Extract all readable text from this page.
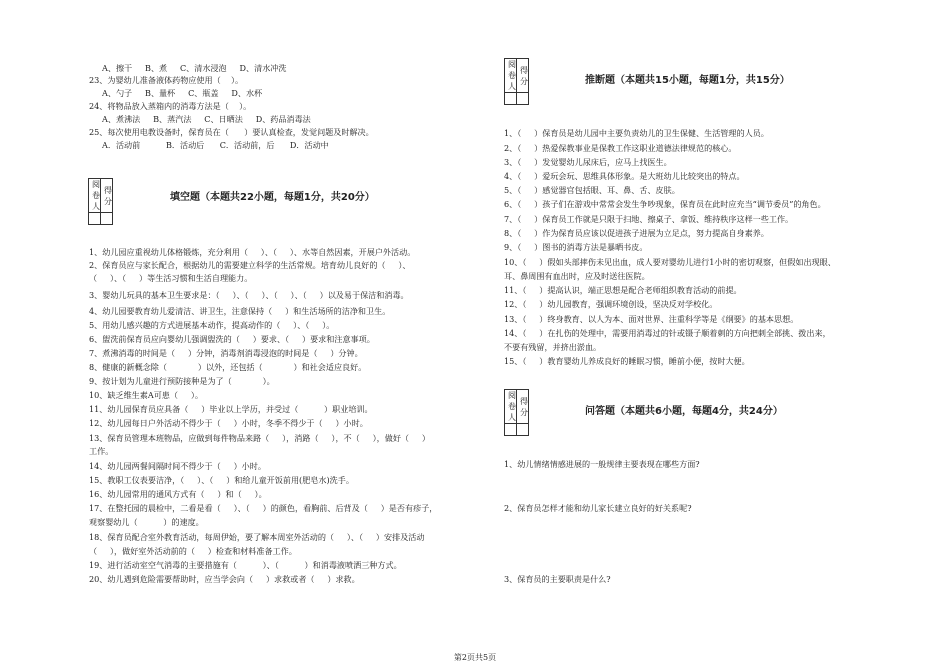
A、擦干     B、煮     C、清水浸泡     D、清水冲洗
23、为婴幼儿准备液体药物应使用（    ）。
A、勺子     B、量杯     C、瓶盖     D、水杯
24、将物品放入蒸箱内的消毒方法是（    ）。
A、煮沸法     B、蒸汽法     C、日晒法     D、药品消毒法
25、每次使用电教设备时，保育员在（      ）要认真检查，发觉问题及时解决。
A．活动前          B．活动后      C．活动前，后      D．活动中
阅卷人	得分
		填空题（本题共22小题，每题1分，共20分）
1、幼儿园应重视幼儿体格锻炼，充分利用（     ）、（     ）、水等自然因素，开展户外活动。
2、保育员应与家长配合，根据幼儿的需要建立科学的生活常规。培育幼儿良好的（     ）、
（     ）、（     ）等生活习惯和生活自理能力。
3、婴幼儿玩具的基本卫生要求是：（     ）、（     ）、（     ）、（     ）以及易于保洁和消毒。
4、幼儿园要教育幼儿爱清洁、讲卫生，注意保持（     ）和生活场所的洁净和卫生。
5、用幼儿感兴趣的方式进展基本动作，提高动作的（     ）、（     ）。
6、盥洗前保育员应向婴幼儿强调盥洗的（     ）要求、（     ）要求和注意事项。
7、煮沸消毒的时间是（     ）分钟，消毒剂消毒浸泡的时间是（     ）分钟。
8、健康的新概念除（            ）以外，还包括（            ）和社会适应良好。
9、按计划为儿童进行预防接种是为了（            ）。
10、缺乏维生素A可患（     ）。
11、幼儿园保育员应具备（     ）毕业以上学历，并受过（          ）职业培训。
12、幼儿园每日户外活动不得少于（     ）小时，冬季不得少于（     ）小时。
13、保育员管理本班物品，应做到每件物品来路（     ），消路（     ），不（     ），做好（     ）
工作。
14、幼儿园两餐间隔时间不得少于（     ）小时。
15、教职工仪表要洁净，（     ）、（     ）和给儿童开饭前用(肥皂水)洗手。
16、幼儿园常用的通风方式有（     ）和（     ）。
17、在整托园的晨检中，二看是看（     ）、（     ）的颜色，看胸前、后背及（     ）是否有疹子，
观察婴幼儿（          ）的速度。
18、保育员配合室外教育活动，每周伊始，要了解本周室外活动的（     ）、（     ）安排及活动
（     ），做好室外活动前的（     ）检查和材料准备工作。
19、进行活动室空气消毒的主要措施有（          ）、（          ）和消毒液喷洒三种方式。
20、幼儿遇到危险需要帮助时，应当学会向（     ）求救或者（     ）求救。
阅卷人	得分
		推断题（本题共15小题，每题1分，共15分）
1、（     ）保育员是幼儿园中主要负责幼儿的卫生保健、生活管理的人员。
2、（     ）热爱保教事业是保教工作这职业道德法律规范的核心。
3、（     ）发觉婴幼儿尿床后，应马上找医生。
4、（     ）爱玩会玩、思维具体形象。是大班幼儿比较突出的特点。
5、（     ）感觉器官包括眼、耳、鼻、舌、皮肤。
6、（     ）孩子们在游戏中常常会发生争吵现象，保育员在此时应充当“调节委员”的角色。
7、（     ）保育员工作就是只限于扫地、擦桌子、拿饭、维持秩序这样一些工作。
8、（     ）作为保育员应该以促进孩子进展为立足点，努力提高自身素养。
9、（     ）图书的消毒方法是暴晒书皮。
10、（     ）假如头部摔伤未见出血，成人要对婴幼儿进行1小时的密切观察，但假如出现眼、
耳、鼻周围有血出时，应及时送往医院。
11、（     ）提高认识，端正思想是配合老师组织教育活动的前提。
12、（     ）幼儿园教育，强调环境创设，坚决反对学校化。
13、（     ）终身教育、以人为本、面对世界、注重科学等是《纲要》的基本思想。
14、（     ）在扎伤的处理中，需要用消毒过的针或镊子顺着刺的方向把刺全部挑、拨出来，
不要有残留，并挤出淤血。
15、（     ）教育婴幼儿养成良好的睡眠习惯，睡前小便，按时大便。
阅卷人	得分
		问答题（本题共6小题，每题4分，共24分）
1、幼儿情绪情感进展的一般规律主要表现在哪些方面?
2、保育员怎样才能和幼儿家长建立良好的好关系呢?
3、保育员的主要职责是什么?
第2页共5页
